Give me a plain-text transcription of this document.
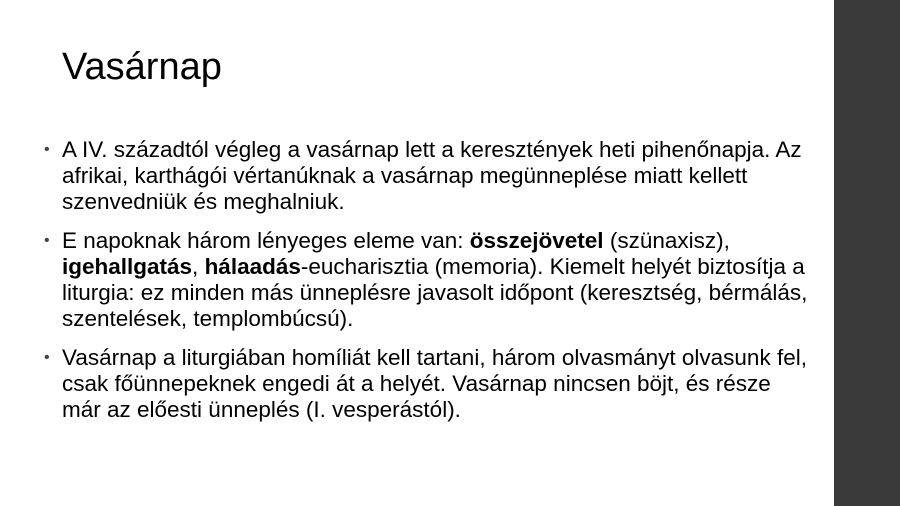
Vasárnap
• A IV. századtól végleg a vasárnap lett a keresztények heti pihenőnapja. Az afrikai, karthágói vértanúknak a vasárnap megünneplése miatt kellett szenvedniük és meghalniuk.
• E napoknak három lényeges eleme van: összejövetel (szünaxisz), igehallgatás, hálaadás-eucharisztia (memoria). Kiemelt helyét biztosítja a liturgia: ez minden más ünneplésre javasolt időpont (keresztség, bérmálás, szentelések, templombúcsú).
• Vasárnap a liturgiában homíliát kell tartani, három olvasmányt olvasunk fel, csak főünnepeknek engedi át a helyét. Vasárnap nincsen böjt, és része már az előesti ünneplés (I. vesperástól).
